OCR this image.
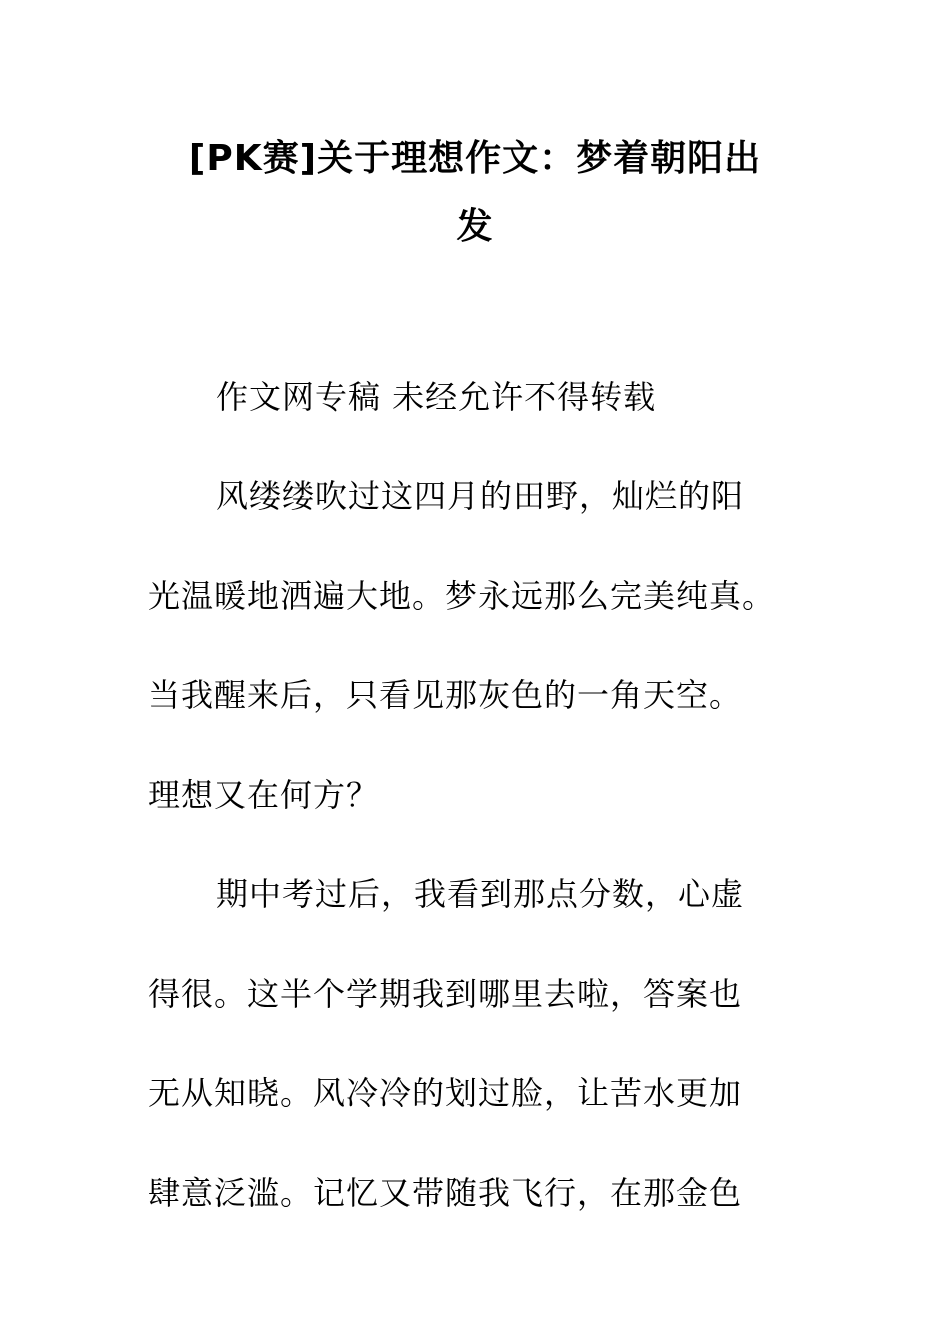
[PK赛]关于理想作文：梦着朝阳出
发
作文网专稿 未经允许不得转载
风缕缕吹过这四月的田野，灿烂的阳
光温暖地洒遍大地。梦永远那么完美纯真。
当我醒来后，只看见那灰色的一角天空。
理想又在何方？
期中考过后，我看到那点分数，心虚
得很。这半个学期我到哪里去啦，答案也
无从知晓。风冷冷的划过脸，让苦水更加
肆意泛滥。记忆又带随我飞行，在那金色
